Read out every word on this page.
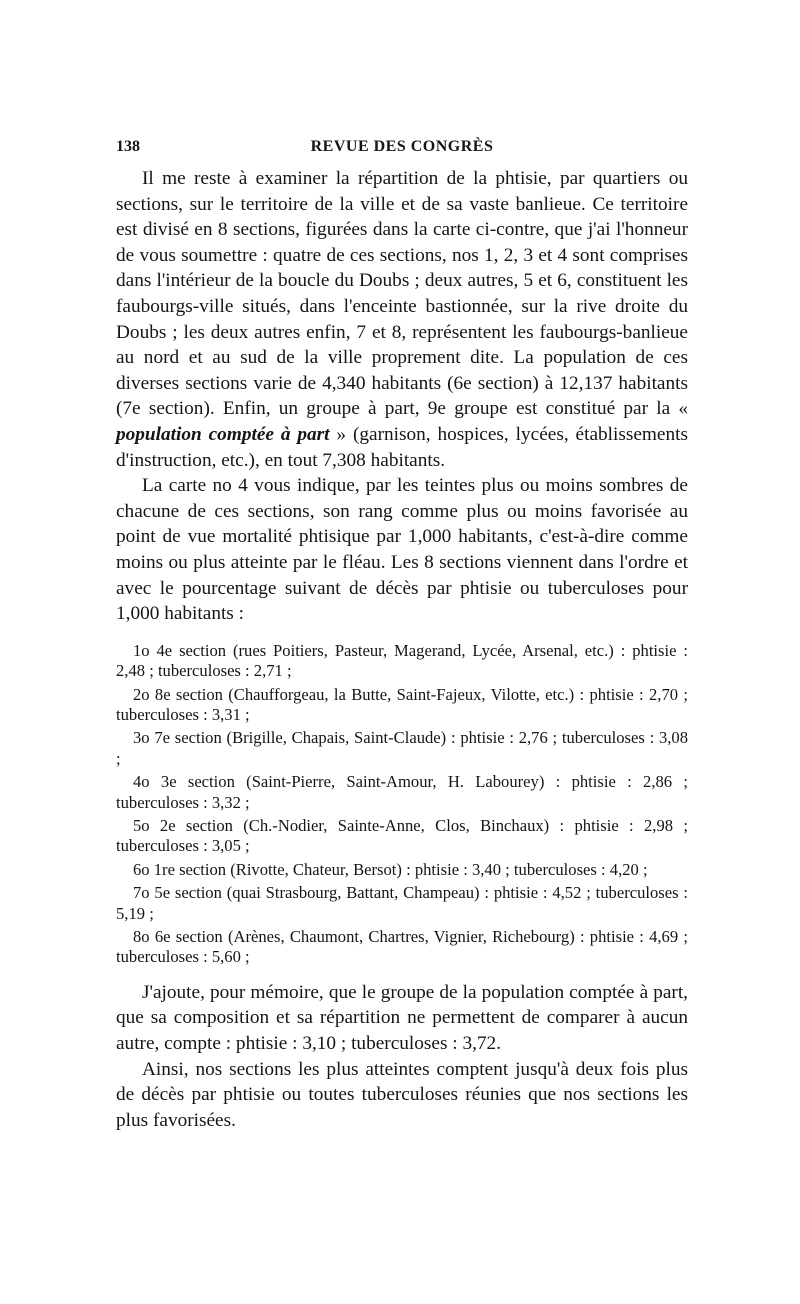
138	REVUE DES CONGRÈS

Il me reste à examiner la répartition de la phtisie, par quartiers ou sections, sur le territoire de la ville et de sa vaste banlieue. Ce territoire est divisé en 8 sections, figurées dans la carte ci-contre, que j'ai l'honneur de vous soumettre : quatre de ces sections, nos 1, 2, 3 et 4 sont comprises dans l'intérieur de la boucle du Doubs ; deux autres, 5 et 6, constituent les faubourgs-ville situés, dans l'enceinte bastionnée, sur la rive droite du Doubs ; les deux autres enfin, 7 et 8, représentent les faubourgs-banlieue au nord et au sud de la ville proprement dite. La population de ces diverses sections varie de 4,340 habitants (6e section) à 12,137 habitants (7e section). Enfin, un groupe à part, 9e groupe est constitué par la « population comptée à part » (garnison, hospices, lycées, établissements d'instruction, etc.), en tout 7,308 habitants.

La carte no 4 vous indique, par les teintes plus ou moins sombres de chacune de ces sections, son rang comme plus ou moins favorisée au point de vue mortalité phtisique par 1,000 habitants, c'est-à-dire comme moins ou plus atteinte par le fléau. Les 8 sections viennent dans l'ordre et avec le pourcentage suivant de décès par phtisie ou tuberculoses pour 1,000 habitants :

1o 4e section (rues Poitiers, Pasteur, Magerand, Lycée, Arsenal, etc.) : phtisie : 2,48 ; tuberculoses : 2,71 ;
2o 8e section (Chaufforgeau, la Butte, Saint-Fajeux, Vilotte, etc.) : phtisie : 2,70 ; tuberculoses : 3,31 ;
3o 7e section (Brigille, Chapais, Saint-Claude) : phtisie : 2,76 ; tuberculoses : 3,08 ;
4o 3e section (Saint-Pierre, Saint-Amour, H. Labourey) : phtisie : 2,86 ; tuberculoses : 3,32 ;
5o 2e section (Ch.-Nodier, Sainte-Anne, Clos, Binchaux) : phtisie : 2,98 ; tuberculoses : 3,05 ;
6o 1re section (Rivotte, Chateur, Bersot) : phtisie : 3,40 ; tuberculoses : 4,20 ;
7o 5e section (quai Strasbourg, Battant, Champeau) : phtisie : 4,52 ; tuberculoses : 5,19 ;
8o 6e section (Arènes, Chaumont, Chartres, Vignier, Richebourg) : phtisie : 4,69 ; tuberculoses : 5,60 ;

J'ajoute, pour mémoire, que le groupe de la population comptée à part, que sa composition et sa répartition ne permettent de comparer à aucun autre, compte : phtisie : 3,10 ; tuberculoses : 3,72.

Ainsi, nos sections les plus atteintes comptent jusqu'à deux fois plus de décès par phtisie ou toutes tuberculoses réunies que nos sections les plus favorisées.
